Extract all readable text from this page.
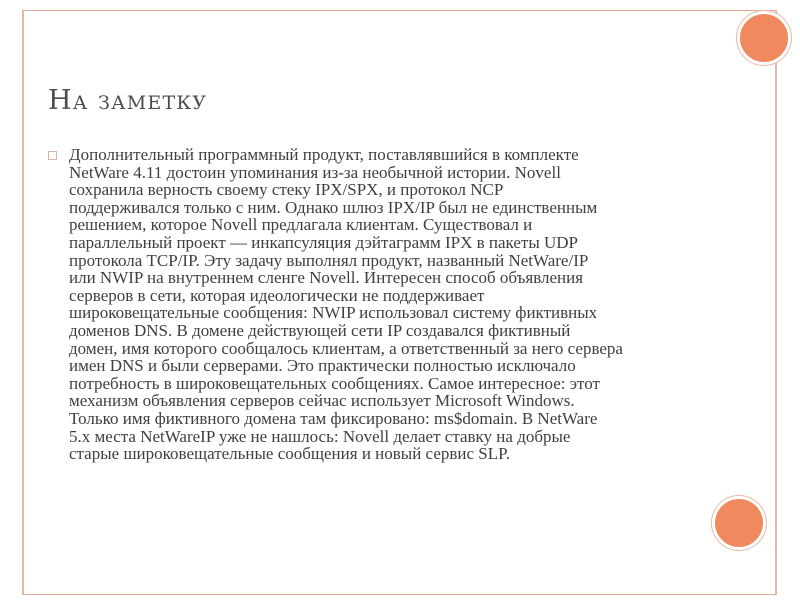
На заметку
Дополнительный программный продукт, поставлявшийся в комплекте
NetWare 4.11 достоин упоминания из-за необычной истории. Novell
сохранила верность своему стеку IPX/SPX, и протокол NCP
поддерживался только с ним. Однако шлюз IPX/IP был не единственным
решением, которое Novell предлагала клиентам. Существовал и
параллельный проект — инкапсуляция дэйтаграмм IPX в пакеты UDP
протокола TCP/IP. Эту задачу выполнял продукт, названный NetWare/IP
или NWIP на внутреннем сленге Novell. Интересен способ объявления
серверов в сети, которая идеологически не поддерживает
широковещательные сообщения: NWIP использовал систему фиктивных
доменов DNS. В домене действующей сети IP создавался фиктивный
домен, имя которого сообщалось клиентам, а ответственный за него сервера
имен DNS и были серверами. Это практически полностью исключало
потребность в широковещательных сообщениях. Самое интересное: этот
механизм объявления серверов сейчас использует Microsoft Windows.
Только имя фиктивного домена там фиксировано: ms$domain. В NetWare
5.x места NetWareIP уже не нашлось: Novell делает ставку на добрые
старые широковещательные сообщения и новый сервис SLP.
